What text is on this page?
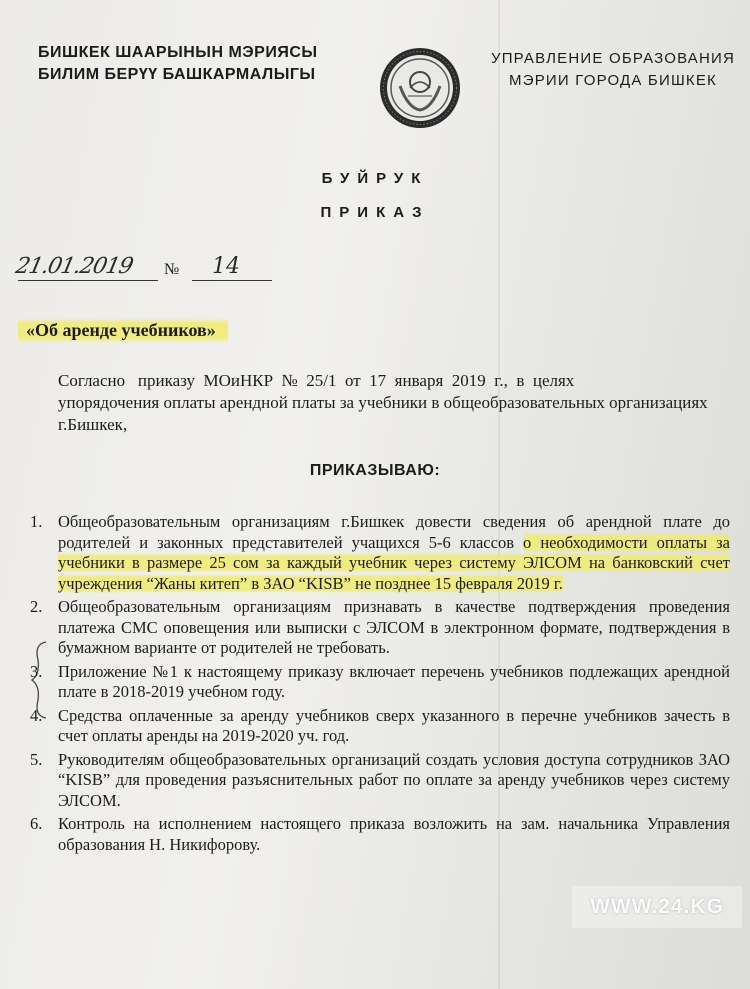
БИШКЕК ШААРЫНЫН МЭРИЯСЫ
БИЛИМ БЕРҮҮ БАШКАРМАЛЫГЫ
УПРАВЛЕНИЕ ОБРАЗОВАНИЯ
МЭРИИ ГОРОДА БИШКЕК
БУЙРУК
ПРИКАЗ
21.01.2019 № 14
«Об аренде учебников»
Согласно   приказу  МОиНКР  №  25/1  от  17  января  2019  г.,  в  целях
упорядочения оплаты арендной платы за учебники в общеобразовательных организациях г.Бишкек,
ПРИКАЗЫВАЮ:
1. Общеобразовательным организациям г.Бишкек довести сведения об арендной плате до родителей и законных представителей учащихся 5-6 классов о необходимости оплаты за учебники в размере 25 сом за каждый учебник через систему ЭЛСОМ на банковский счет учреждения “Жаны китеп” в ЗАО “KISB” не позднее 15 февраля 2019 г.

2. Общеобразовательным организациям признавать в качестве подтверждения проведения платежа СМС оповещения или выписки с ЭЛСОМ в электронном формате, подтверждения в бумажном варианте от родителей не требовать.

3. Приложение №1 к настоящему приказу включает перечень учебников подлежащих арендной плате в 2018-2019 учебном году.

4. Средства оплаченные за аренду учебников сверх указанного в перечне учебников зачесть в счет оплаты аренды на 2019-2020 уч. год.

5. Руководителям общеобразовательных организаций создать условия доступа сотрудников ЗАО “KISB” для проведения разъяснительных работ по оплате за аренду учебников через систему ЭЛСОМ.

6. Контроль на исполнением настоящего приказа возложить на зам. начальника Управления образования Н. Никифорову.

WWW.24.KG
